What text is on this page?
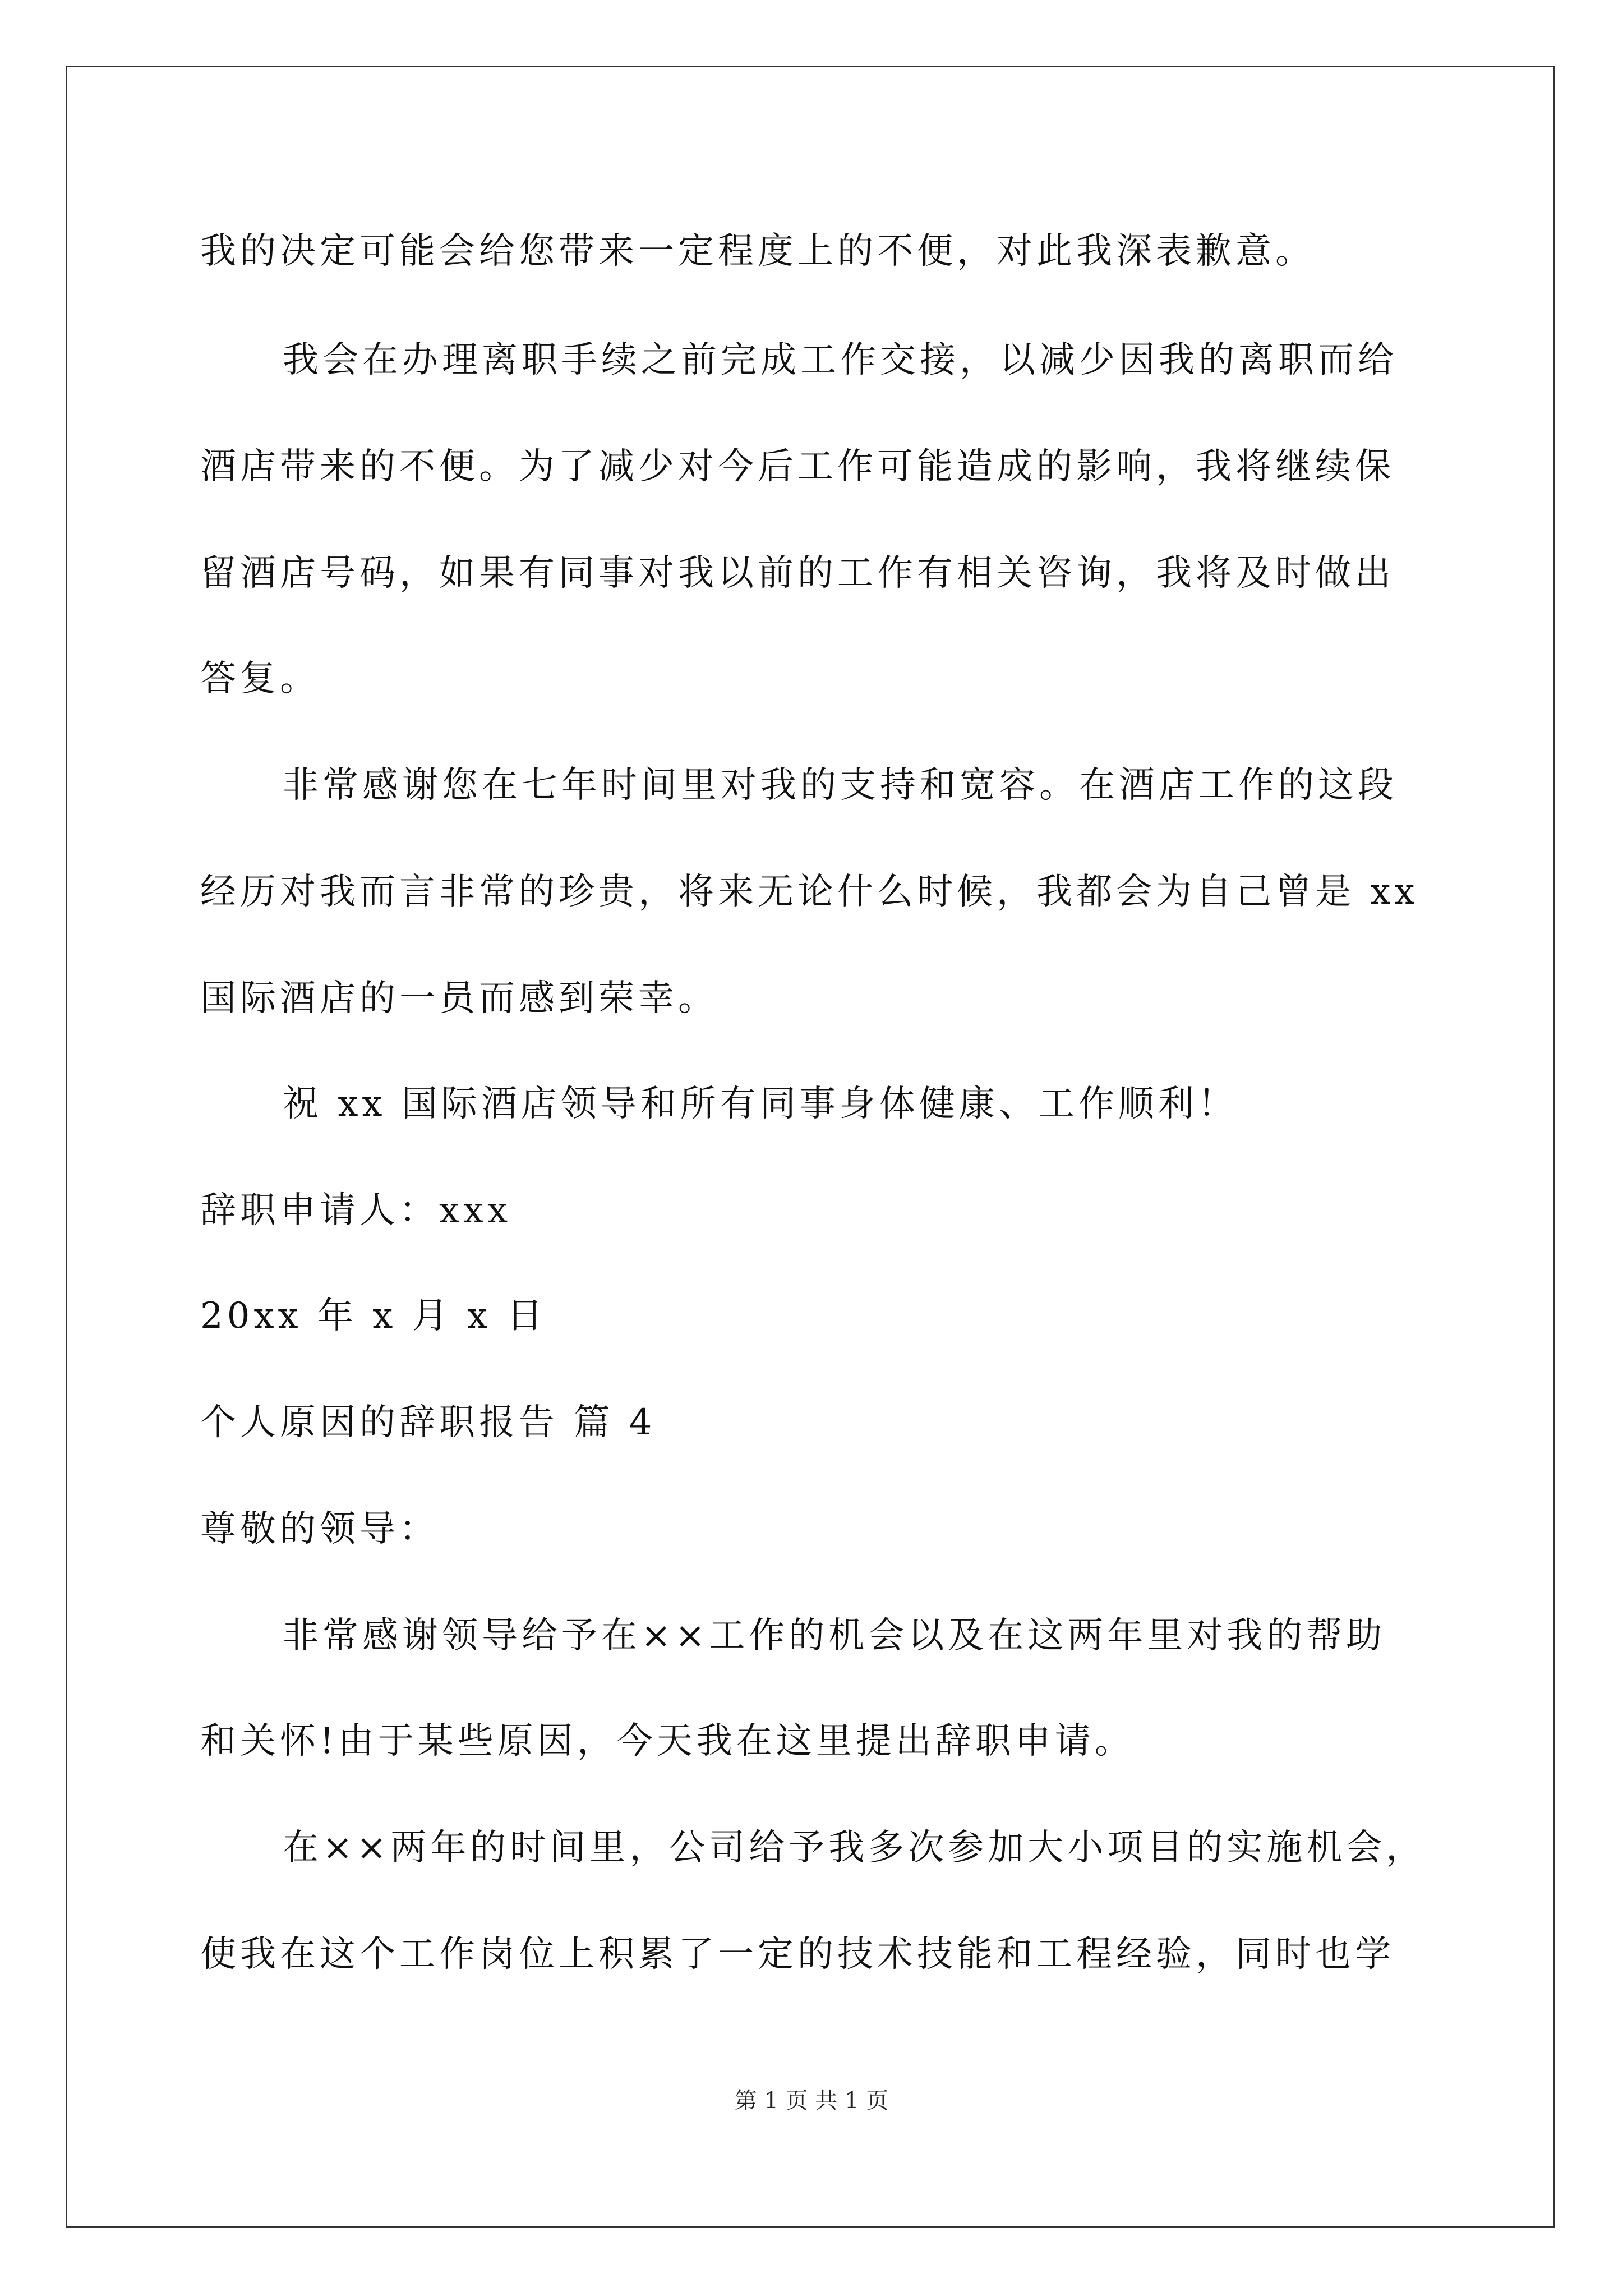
我的决定可能会给您带来一定程度上的不便，对此我深表歉意。
我会在办理离职手续之前完成工作交接，以减少因我的离职而给
酒店带来的不便。为了减少对今后工作可能造成的影响，我将继续保
留酒店号码，如果有同事对我以前的工作有相关咨询，我将及时做出
答复。
非常感谢您在七年时间里对我的支持和宽容。在酒店工作的这段
经历对我而言非常的珍贵，将来无论什么时候，我都会为自己曾是 xx
国际酒店的一员而感到荣幸。
祝 xx 国际酒店领导和所有同事身体健康、工作顺利！
辞职申请人：xxx
20xx 年 x 月 x 日
个人原因的辞职报告 篇 4
尊敬的领导：
非常感谢领导给予在××工作的机会以及在这两年里对我的帮助
和关怀!由于某些原因，今天我在这里提出辞职申请。
在××两年的时间里，公司给予我多次参加大小项目的实施机会，
使我在这个工作岗位上积累了一定的技术技能和工程经验，同时也学
第 1 页 共 1 页
